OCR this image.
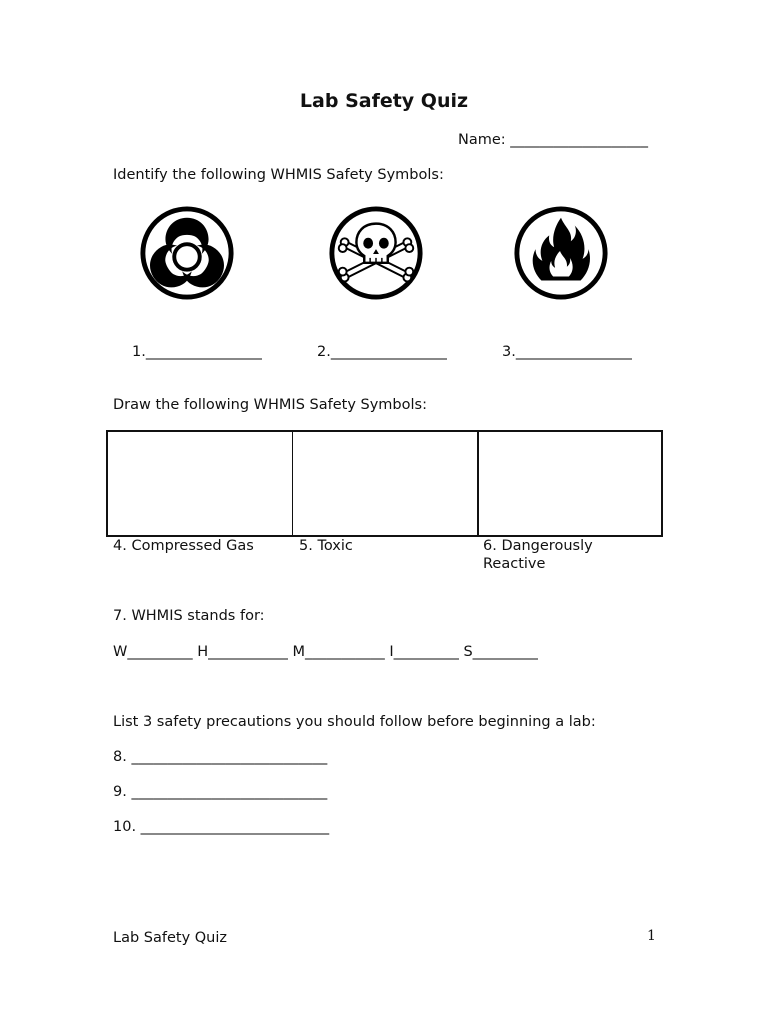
Lab Safety Quiz
Name: ___________________
Identify the following WHMIS Safety Symbols:
1.________________	2.________________	3.________________
Draw the following WHMIS Safety Symbols:
4. Compressed Gas	5. Toxic	6. Dangerously Reactive
7. WHMIS stands for:
W_________ H___________ M___________ I_________ S_________
List 3 safety precautions you should follow before beginning a lab:
8. ___________________________
9. ___________________________
10. __________________________
Lab Safety Quiz	1
